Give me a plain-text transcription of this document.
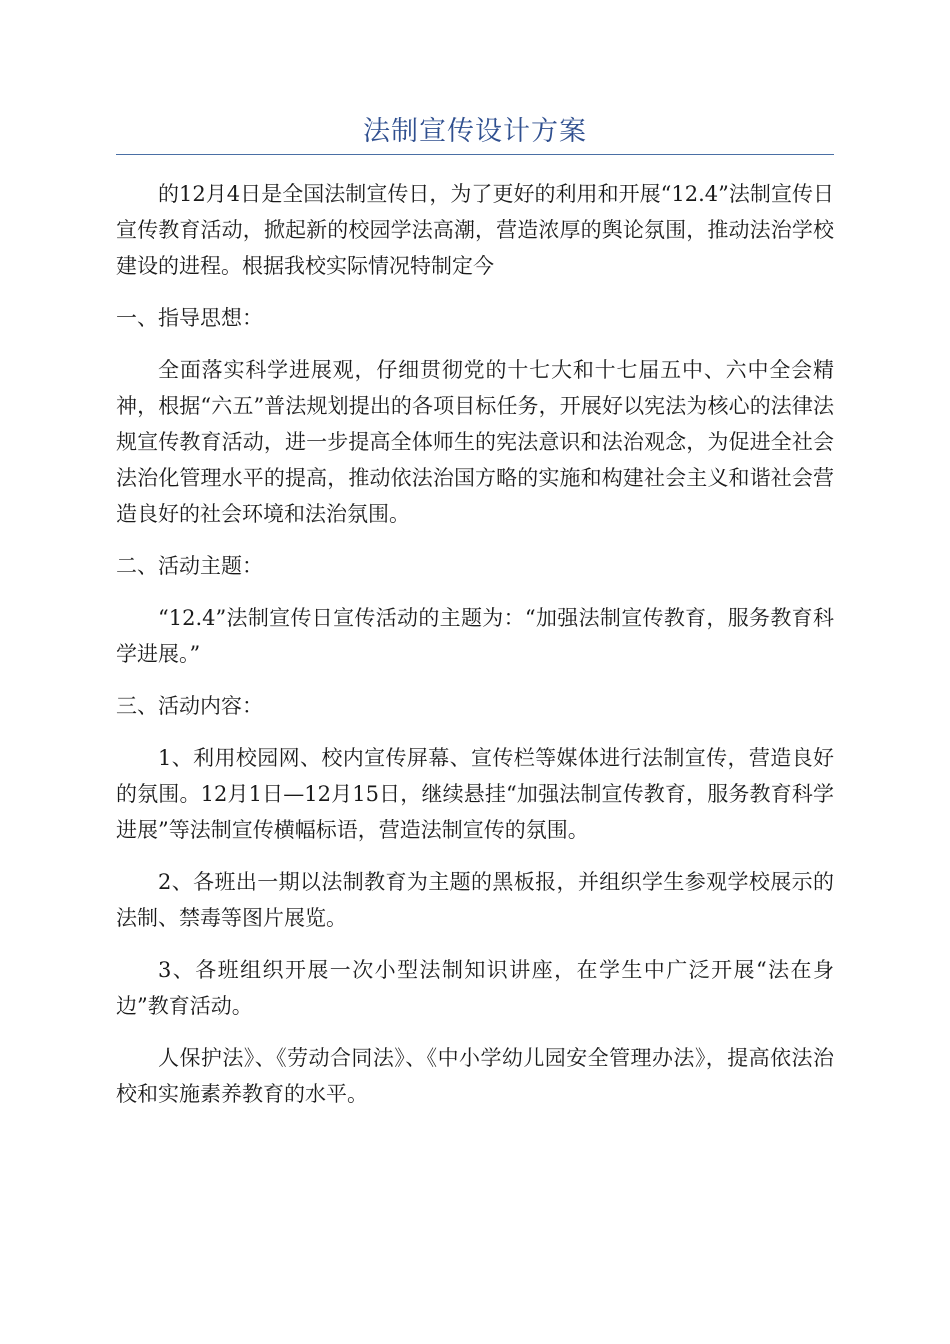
法制宣传设计方案

的12月4日是全国法制宣传日，为了更好的利用和开展“12.4”法制宣传日宣传教育活动，掀起新的校园学法高潮，营造浓厚的舆论氛围，推动法治学校建设的进程。根据我校实际情况特制定今

一、指导思想：

全面落实科学进展观，仔细贯彻党的十七大和十七届五中、六中全会精神，根据“六五”普法规划提出的各项目标任务，开展好以宪法为核心的法律法规宣传教育活动，进一步提高全体师生的宪法意识和法治观念，为促进全社会法治化管理水平的提高，推动依法治国方略的实施和构建社会主义和谐社会营造良好的社会环境和法治氛围。

二、活动主题：

“12.4”法制宣传日宣传活动的主题为：“加强法制宣传教育，服务教育科学进展。”

三、活动内容：

1、利用校园网、校内宣传屏幕、宣传栏等媒体进行法制宣传，营造良好的氛围。12月1日—12月15日，继续悬挂“加强法制宣传教育，服务教育科学进展”等法制宣传横幅标语，营造法制宣传的氛围。

2、各班出一期以法制教育为主题的黑板报，并组织学生参观学校展示的法制、禁毒等图片展览。

3、各班组织开展一次小型法制知识讲座，在学生中广泛开展“法在身边”教育活动。

人保护法》、《劳动合同法》、《中小学幼儿园安全管理办法》，提高依法治校和实施素养教育的水平。
